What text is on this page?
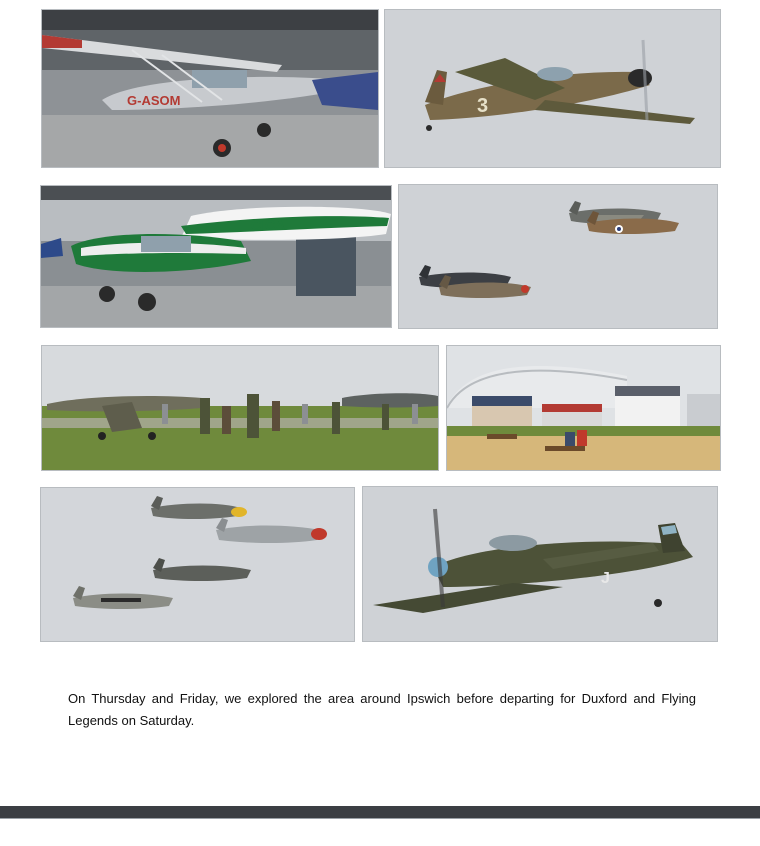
G-ASOM	3
CICA
J

On Thursday and Friday, we explored the area around Ipswich before departing for Duxford and Flying Legends on Saturday.
